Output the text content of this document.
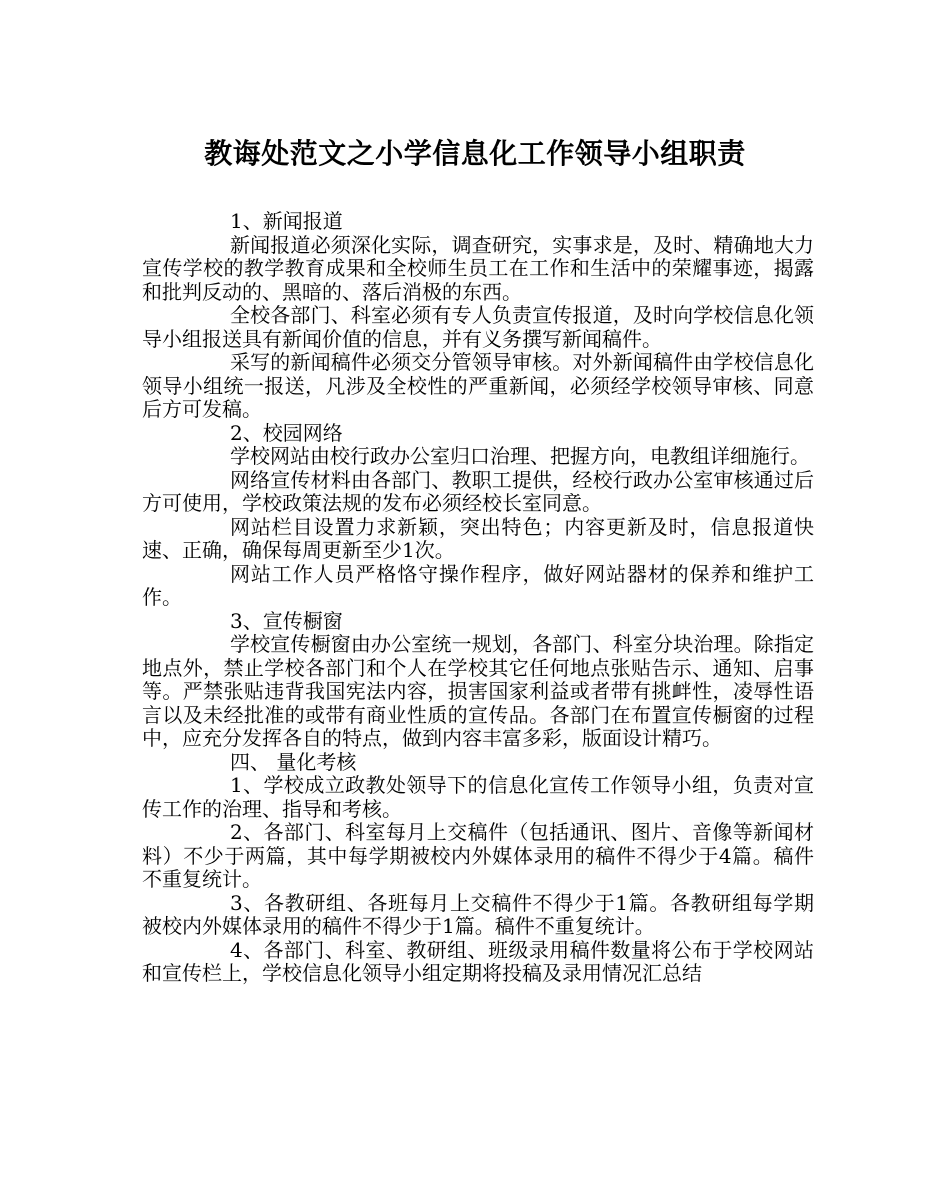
教诲处范文之小学信息化工作领导小组职责

1、新闻报道

新闻报道必须深化实际，调查研究，实事求是，及时、精确地大力宣传学校的教学教育成果和全校师生员工在工作和生活中的荣耀事迹，揭露和批判反动的、黑暗的、落后消极的东西。

全校各部门、科室必须有专人负责宣传报道，及时向学校信息化领导小组报送具有新闻价值的信息，并有义务撰写新闻稿件。

采写的新闻稿件必须交分管领导审核。对外新闻稿件由学校信息化领导小组统一报送，凡涉及全校性的严重新闻，必须经学校领导审核、同意后方可发稿。

2、校园网络

学校网站由校行政办公室归口治理、把握方向，电教组详细施行。

网络宣传材料由各部门、教职工提供，经校行政办公室审核通过后方可使用，学校政策法规的发布必须经校长室同意。

网站栏目设置力求新颖，突出特色；内容更新及时，信息报道快速、正确，确保每周更新至少1次。

网站工作人员严格恪守操作程序，做好网站器材的保养和维护工作。

3、宣传橱窗

学校宣传橱窗由办公室统一规划，各部门、科室分块治理。除指定地点外，禁止学校各部门和个人在学校其它任何地点张贴告示、通知、启事等。严禁张贴违背我国宪法内容，损害国家利益或者带有挑衅性，凌辱性语言以及未经批准的或带有商业性质的宣传品。各部门在布置宣传橱窗的过程中，应充分发挥各自的特点，做到内容丰富多彩，版面设计精巧。

四、 量化考核

1、学校成立政教处领导下的信息化宣传工作领导小组，负责对宣传工作的治理、指导和考核。

2、各部门、科室每月上交稿件（包括通讯、图片、音像等新闻材料）不少于两篇，其中每学期被校内外媒体录用的稿件不得少于4篇。稿件不重复统计。

3、各教研组、各班每月上交稿件不得少于1篇。各教研组每学期被校内外媒体录用的稿件不得少于1篇。稿件不重复统计。

4、各部门、科室、教研组、班级录用稿件数量将公布于学校网站和宣传栏上，学校信息化领导小组定期将投稿及录用情况汇总结
